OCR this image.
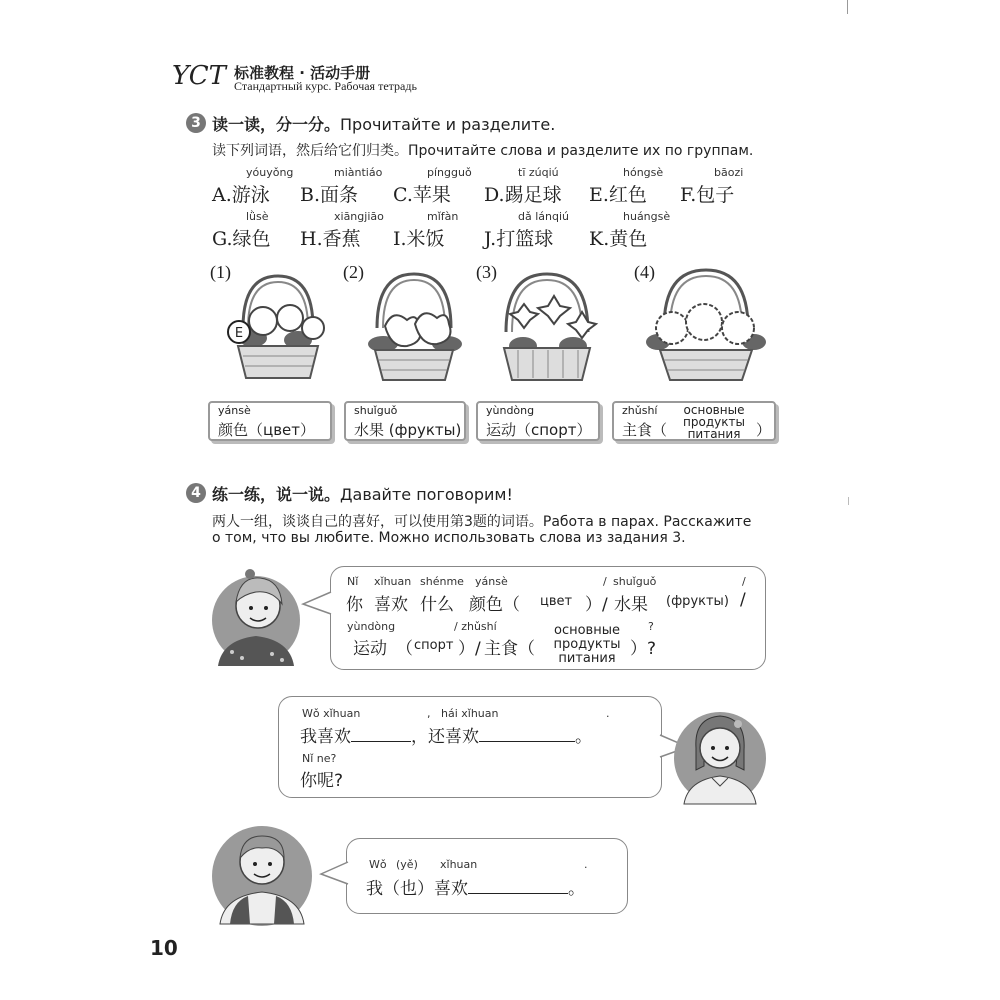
YCT 标准教程 · 活动手册
Стандартный курс. Рабочая тетрадь
3 读一读，分一分。Прочитайте и разделите.
读下列词语，然后给它们归类。Прочитайте слова и разделите их по группам.
yóuyǒng
A.游泳
miàntiáo
B.面条
píngguǒ
C.苹果
tī zúqiú
D.踢足球
hóngsè
E.红色
bāozi
F.包子
lǜsè
G.绿色
xiāngjiāo
H.香蕉
mǐfàn
I.米饭
dǎ lánqiú
J.打篮球
huángsè
K.黄色
(1)	(2)	(3)	(4)
E
yánsè
颜色（цвет）
shuǐguǒ
水果 (фрукты)
yùndòng
运动（спорт）
zhǔshí
主食（
основные
продукты
питания	）
4 练一练，说一说。Давайте поговорим!
两人一组，谈谈自己的喜好，可以使用第3题的词语。Работа в парах. Расскажите
о том, что вы любите. Можно использовать слова из задания 3.
Nǐ xǐhuan shénme yánsè	/ shuǐguǒ	/
你 喜欢 什么 颜色（ цвет ）/ 水果 (фрукты) /
yùndòng	/ zhǔshí	?
运动 （ спорт ）/ 主食（
основные
продукты
питания ）?
Wǒ xǐhuan	, hái xǐhuan	.
我喜欢	，还喜欢	。
Nǐ ne?
你呢?
Wǒ (yě) xǐhuan	.
我（也）喜欢	。
10
